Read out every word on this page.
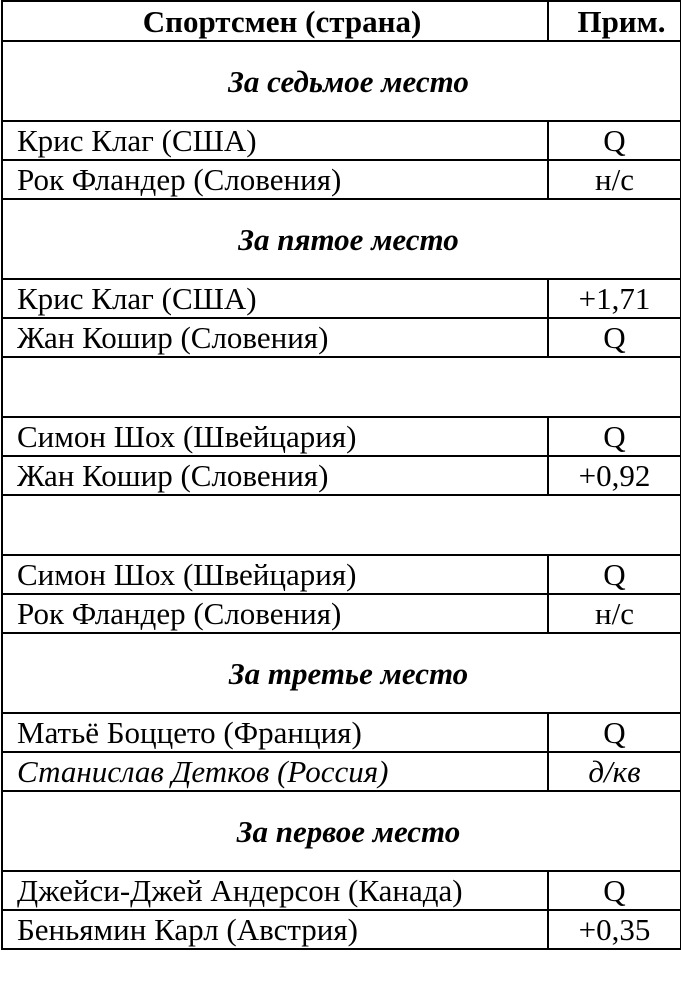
Спортсмен (страна)	Прим.
За седьмое место	
Крис Клаг (США)	Q
Рок Фландер (Словения)	н/с
За пятое место	
Крис Клаг (США)	+1,71
Жан Кошир (Словения)	Q

Симон Шох (Швейцария)	Q
Жан Кошир (Словения)	+0,92

Симон Шох (Швейцария)	Q
Рок Фландер (Словения)	н/с
За третье место	
Матьё Боццето (Франция)	Q
Станислав Детков (Россия)	д/кв
За первое место	
Джейси-Джей Андерсон (Канада)	Q
Беньямин Карл (Австрия)	+0,35
